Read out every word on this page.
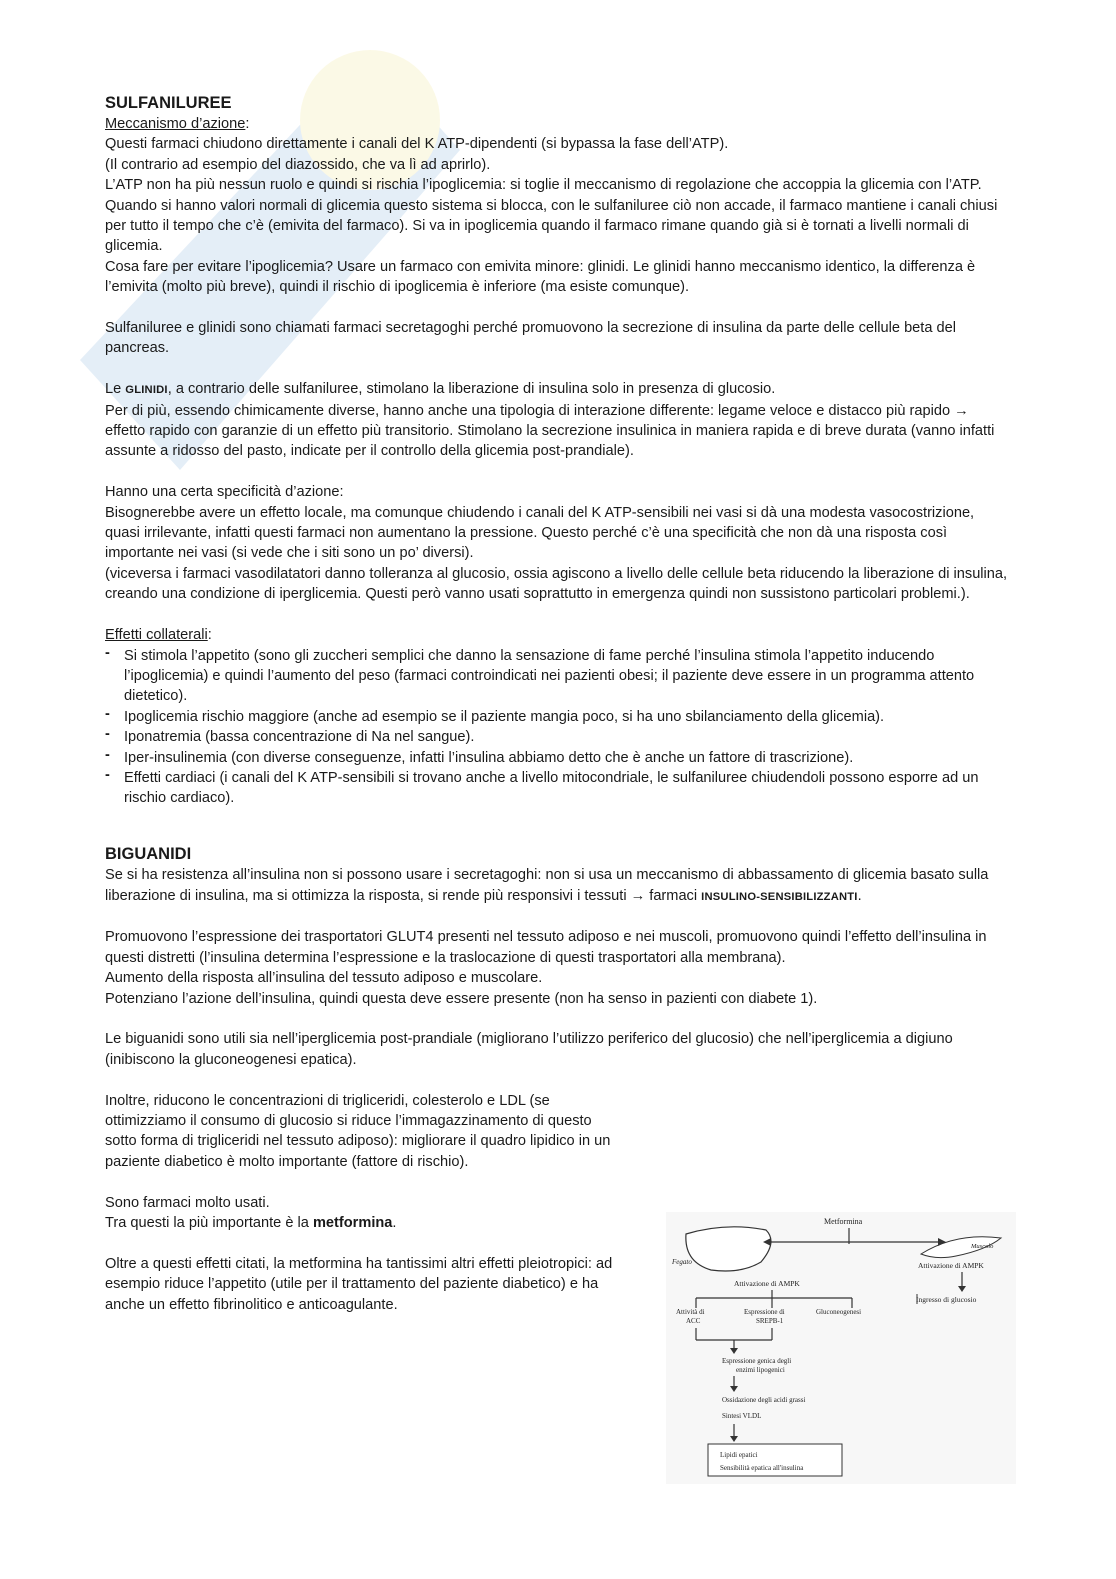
SULFANILUREE

Meccanismo d’azione:

Questi farmaci chiudono direttamente i canali del K ATP-dipendenti (si bypassa la fase dell’ATP).

(Il contrario ad esempio del diazossido, che va lì ad aprirlo).

L’ATP non ha più nessun ruolo e quindi si rischia l’ipoglicemia: si toglie il meccanismo di regolazione che accoppia la glicemia con l’ATP. Quando si hanno valori normali di glicemia questo sistema si blocca, con le sulfaniluree ciò non accade, il farmaco mantiene i canali chiusi per tutto il tempo che c’è (emivita del farmaco). Si va in ipoglicemia quando il farmaco rimane quando già si è tornati a livelli normali di glicemia.

Cosa fare per evitare l’ipoglicemia? Usare un farmaco con emivita minore: glinidi. Le glinidi hanno meccanismo identico, la differenza è l’emivita (molto più breve), quindi il rischio di ipoglicemia è inferiore (ma esiste comunque).

Sulfaniluree e glinidi sono chiamati farmaci secretagoghi perché promuovono la secrezione di insulina da parte delle cellule beta del pancreas.

Le GLINIDI, a contrario delle sulfaniluree, stimolano la liberazione di insulina solo in presenza di glucosio.

Per di più, essendo chimicamente diverse, hanno anche una tipologia di interazione differente: legame veloce e distacco più rapido → effetto rapido con garanzie di un effetto più transitorio. Stimolano la secrezione insulinica in maniera rapida e di breve durata (vanno infatti assunte a ridosso del pasto, indicate per il controllo della glicemia post-prandiale).

Hanno una certa specificità d’azione:

Bisognerebbe avere un effetto locale, ma comunque chiudendo i canali del K ATP-sensibili nei vasi si dà una modesta vasocostrizione, quasi irrilevante, infatti questi farmaci non aumentano la pressione. Questo perché c’è una specificità che non dà una risposta così importante nei vasi (si vede che i siti sono un po’ diversi).

(viceversa i farmaci vasodilatatori danno tolleranza al glucosio, ossia agiscono a livello delle cellule beta riducendo la liberazione di insulina, creando una condizione di iperglicemia. Questi però vanno usati soprattutto in emergenza quindi non sussistono particolari problemi.).

Effetti collaterali:

- Si stimola l’appetito (sono gli zuccheri semplici che danno la sensazione di fame perché l’insulina stimola l’appetito inducendo l’ipoglicemia) e quindi l’aumento del peso (farmaci controindicati nei pazienti obesi; il paziente deve essere in un programma attento dietetico).
- Ipoglicemia rischio maggiore (anche ad esempio se il paziente mangia poco, si ha uno sbilanciamento della glicemia).
- Iponatremia (bassa concentrazione di Na nel sangue).
- Iper-insulinemia (con diverse conseguenze, infatti l’insulina abbiamo detto che è anche un fattore di trascrizione).
- Effetti cardiaci (i canali del K ATP-sensibili si trovano anche a livello mitocondriale, le sulfaniluree chiudendoli possono esporre ad un rischio cardiaco).
BIGUANIDI

Se si ha resistenza all’insulina non si possono usare i secretagoghi: non si usa un meccanismo di abbassamento di glicemia basato sulla liberazione di insulina, ma si ottimizza la risposta, si rende più responsivi i tessuti → farmaci INSULINO-SENSIBILIZZANTI.

Promuovono l’espressione dei trasportatori GLUT4 presenti nel tessuto adiposo e nei muscoli, promuovono quindi l’effetto dell’insulina in questi distretti (l’insulina determina l’espressione e la traslocazione di questi trasportatori alla membrana).

Aumento della risposta all’insulina del tessuto adiposo e muscolare.

Potenziano l’azione dell’insulina, quindi questa deve essere presente (non ha senso in pazienti con diabete 1).

Le biguanidi sono utili sia nell’iperglicemia post-prandiale (migliorano l’utilizzo periferico del glucosio) che nell’iperglicemia a digiuno (inibiscono la gluconeogenesi epatica).

Inoltre, riducono le concentrazioni di trigliceridi, colesterolo e LDL (se ottimizziamo il consumo di glucosio si riduce l’immagazzinamento di questo sotto forma di trigliceridi nel tessuto adiposo): migliorare il quadro lipidico in un paziente diabetico è molto importante (fattore di rischio).

Sono farmaci molto usati.

Tra questi la più importante è la metformina.

Oltre a questi effetti citati, la metformina ha tantissimi altri effetti pleiotropici: ad esempio riduce l’appetito (utile per il trattamento del paziente diabetico) e ha anche un effetto fibrinolitico e anticoagulante.

Fegato
Muscolo
Metformina
Attivazione di AMPK
Attivazione di AMPK
Ingresso di glucosio
Attività di
ACC
Espressione di
SREPB-1
Gluconeogenesi
Espressione genica degli
enzimi lipogenici
Ossidazione degli acidi grassi
Sintesi VLDL
Lipidi epatici
Sensibilità epatica all'insulina
